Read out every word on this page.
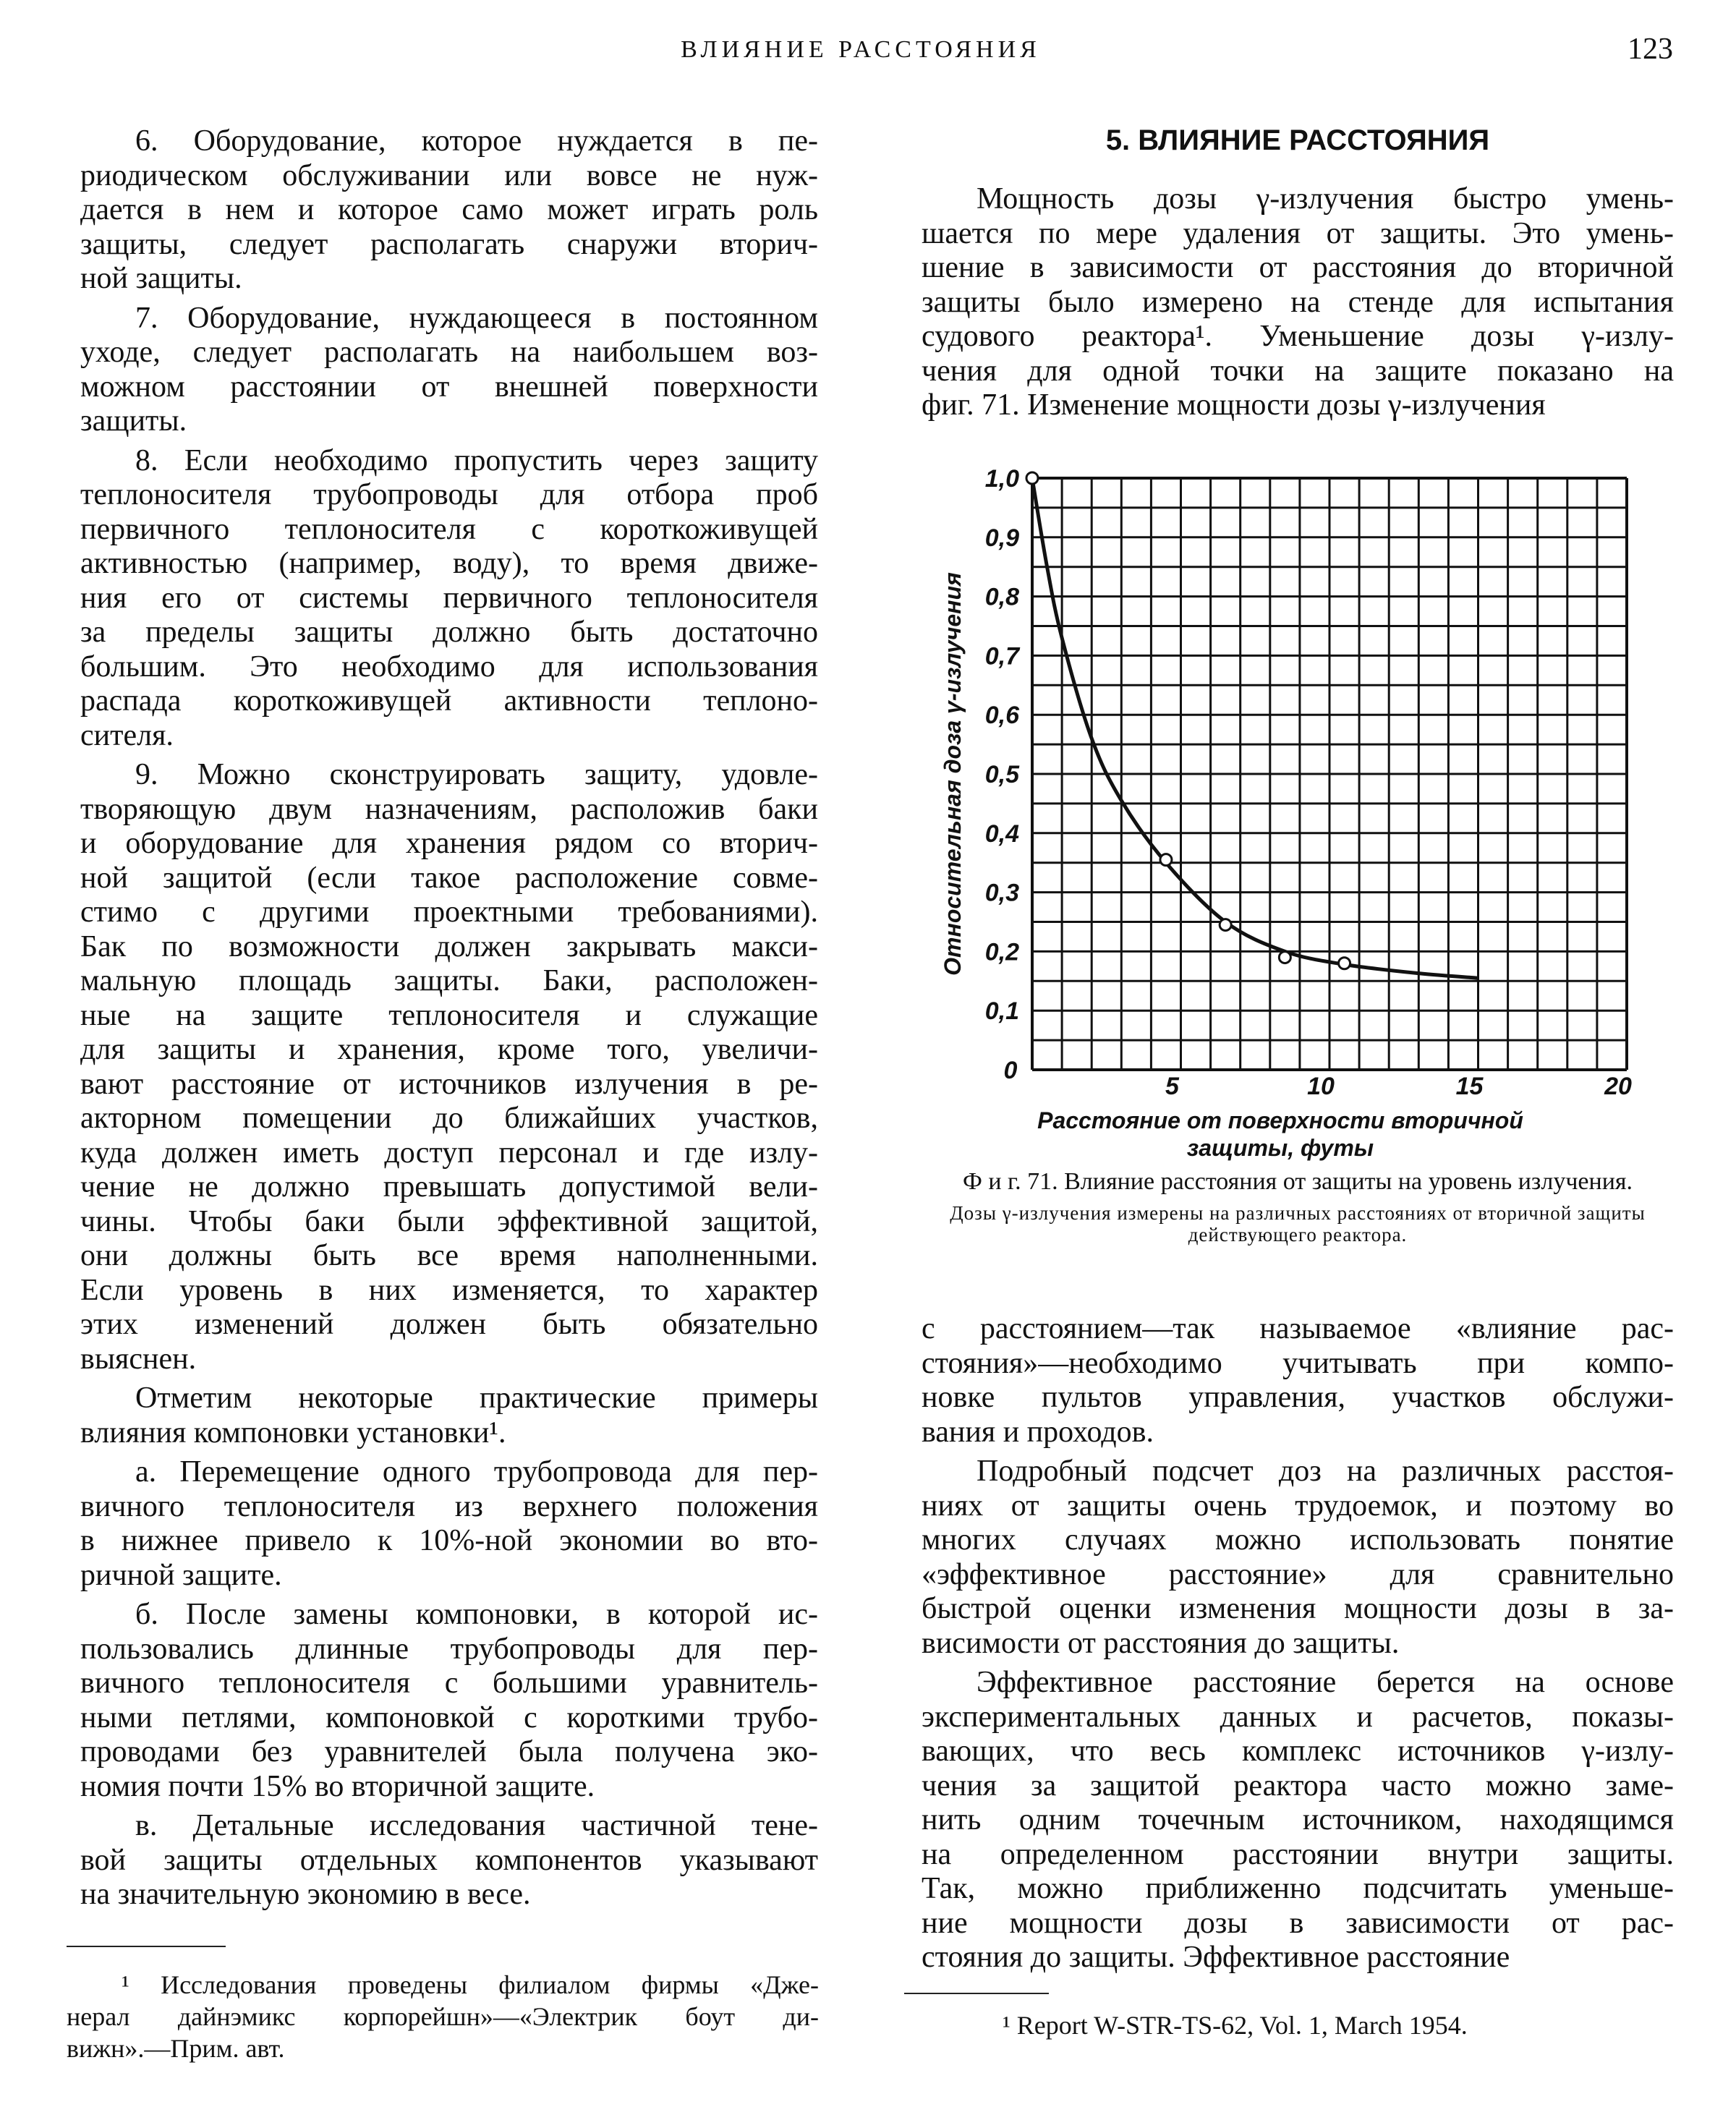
ВЛИЯНИЕ РАССТОЯНИЯ	123
6. Оборудование, которое нуждается в пе-
риодическом обслуживании или вовсе не нуж-
дается в нем и которое само может играть роль
защиты, следует располагать снаружи вторич-
ной защиты.
7. Оборудование, нуждающееся в постоянном
уходе, следует располагать на наибольшем воз-
можном расстоянии от внешней поверхности
защиты.
8. Если необходимо пропустить через защиту
теплоносителя трубопроводы для отбора проб
первичного теплоносителя с короткоживущей
активностью (например, воду), то время движе-
ния его от системы первичного теплоносителя
за пределы защиты должно быть достаточно
большим. Это необходимо для использования
распада короткоживущей активности теплоно-
сителя.
9. Можно сконструировать защиту, удовле-
творяющую двум назначениям, расположив баки
и оборудование для хранения рядом со вторич-
ной защитой (если такое расположение совме-
стимо с другими проектными требованиями).
Бак по возможности должен закрывать макси-
мальную площадь защиты. Баки, расположен-
ные на защите теплоносителя и служащие
для защиты и хранения, кроме того, увеличи-
вают расстояние от источников излучения в ре-
акторном помещении до ближайших участков,
куда должен иметь доступ персонал и где излу-
чение не должно превышать допустимой вели-
чины. Чтобы баки были эффективной защитой,
они должны быть все время наполненными.
Если уровень в них изменяется, то характер
этих изменений должен быть обязательно
выяснен.
Отметим некоторые практические примеры
влияния компоновки установки¹.
а. Перемещение одного трубопровода для пер-
вичного теплоносителя из верхнего положения
в нижнее привело к 10%-ной экономии во вто-
ричной защите.
б. После замены компоновки, в которой ис-
пользовались длинные трубопроводы для пер-
вичного теплоносителя с большими уравнитель-
ными петлями, компоновкой с короткими трубо-
проводами без уравнителей была получена эко-
номия почти 15% во вторичной защите.
в. Детальные исследования частичной тене-
вой защиты отдельных компонентов указывают
на значительную экономию в весе.
5. ВЛИЯНИЕ РАССТОЯНИЯ
Мощность дозы γ-излучения быстро умень-
шается по мере удаления от защиты. Это умень-
шение в зависимости от расстояния до вторичной
защиты было измерено на стенде для испытания
судового реактора¹. Уменьшение дозы γ-излу-
чения для одной точки на защите показано на
фиг. 71. Изменение мощности дозы γ-излучения
0,1
0,2
0,3
0,4
0,5
0,6
0,7
0,8
0,9
1,0
0
5	10	15	20
Относительная доза γ-излучения
Расстояние от поверхности вторичной
защиты, футы
Ф и г. 71. Влияние расстояния от защиты на уровень излучения.
Дозы γ-излучения измерены на различных расстояниях от вторичной защиты действующего реактора.
с расстоянием—так называемое «влияние рас-
стояния»—необходимо учитывать при компо-
новке пультов управления, участков обслужи-
вания и проходов.
Подробный подсчет доз на различных расстоя-
ниях от защиты очень трудоемок, и поэтому во
многих случаях можно использовать понятие
«эффективное расстояние» для сравнительно
быстрой оценки изменения мощности дозы в за-
висимости от расстояния до защиты.
Эффективное расстояние берется на основе
экспериментальных данных и расчетов, показы-
вающих, что весь комплекс источников γ-излу-
чения за защитой реактора часто можно заме-
нить одним точечным источником, находящимся
на определенном расстоянии внутри защиты.
Так, можно приближенно подсчитать уменьше-
ние мощности дозы в зависимости от рас-
стояния до защиты. Эффективное расстояние
¹ Исследования проведены филиалом фирмы «Дже-
нерал дайнэмикс корпорейшн»—«Электрик боут ди-
вижн».—Прим. авт.
¹ Report W-STR-TS-62, Vol. 1, March 1954.
